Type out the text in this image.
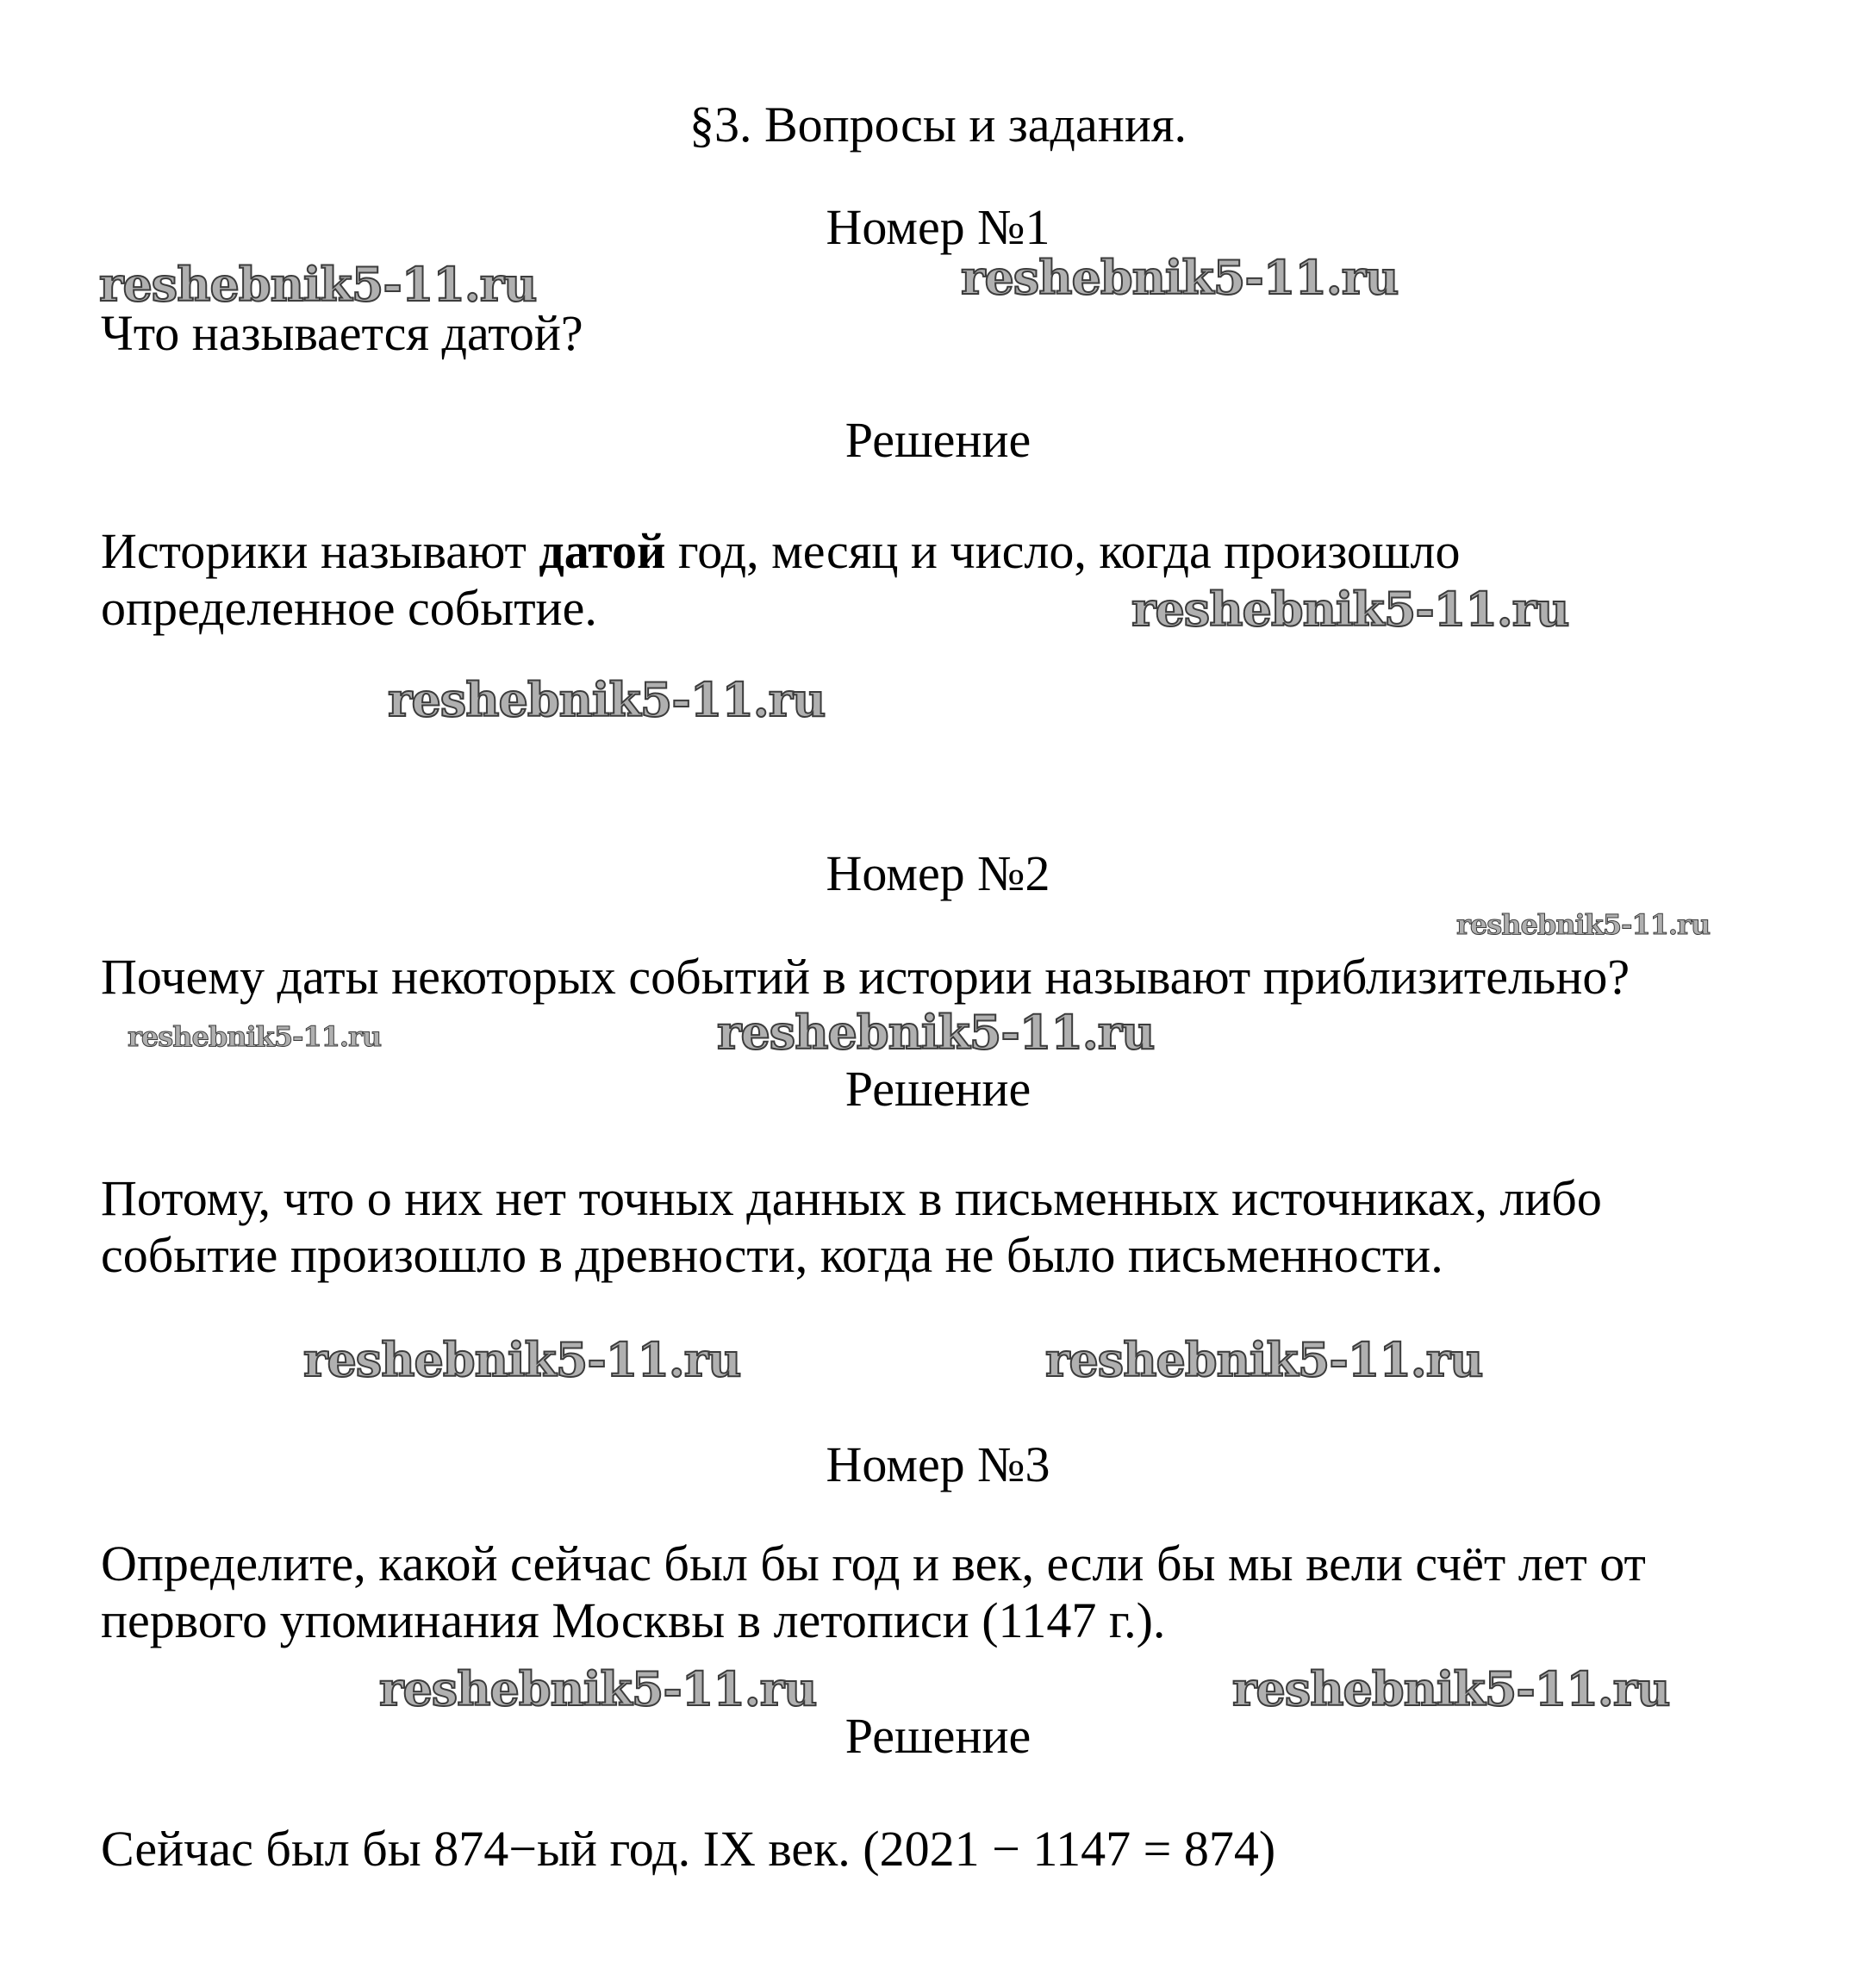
§3. Вопросы и задания.
Номер №1
Что называется датой?
Решение
Историки называют датой год, месяц и число, когда произошло
определенное событие.
Номер №2
Почему даты некоторых событий в истории называют приблизительно?
Решение
Потому, что о них нет точных данных в письменных источниках, либо
событие произошло в древности, когда не было письменности.
Номер №3
Определите, какой сейчас был бы год и век, если бы мы вели счёт лет от
первого упоминания Москвы в летописи (1147 г.).
Решение
Сейчас был бы 874−ый год. IX век. (2021 − 1147 = 874)
reshebnik5-11.ru	reshebnik5-11.ru
reshebnik5-11.ru
reshebnik5-11.ru
reshebnik5-11.ru
reshebnik5-11.ru	reshebnik5-11.ru
reshebnik5-11.ru	reshebnik5-11.ru
reshebnik5-11.ru	reshebnik5-11.ru
